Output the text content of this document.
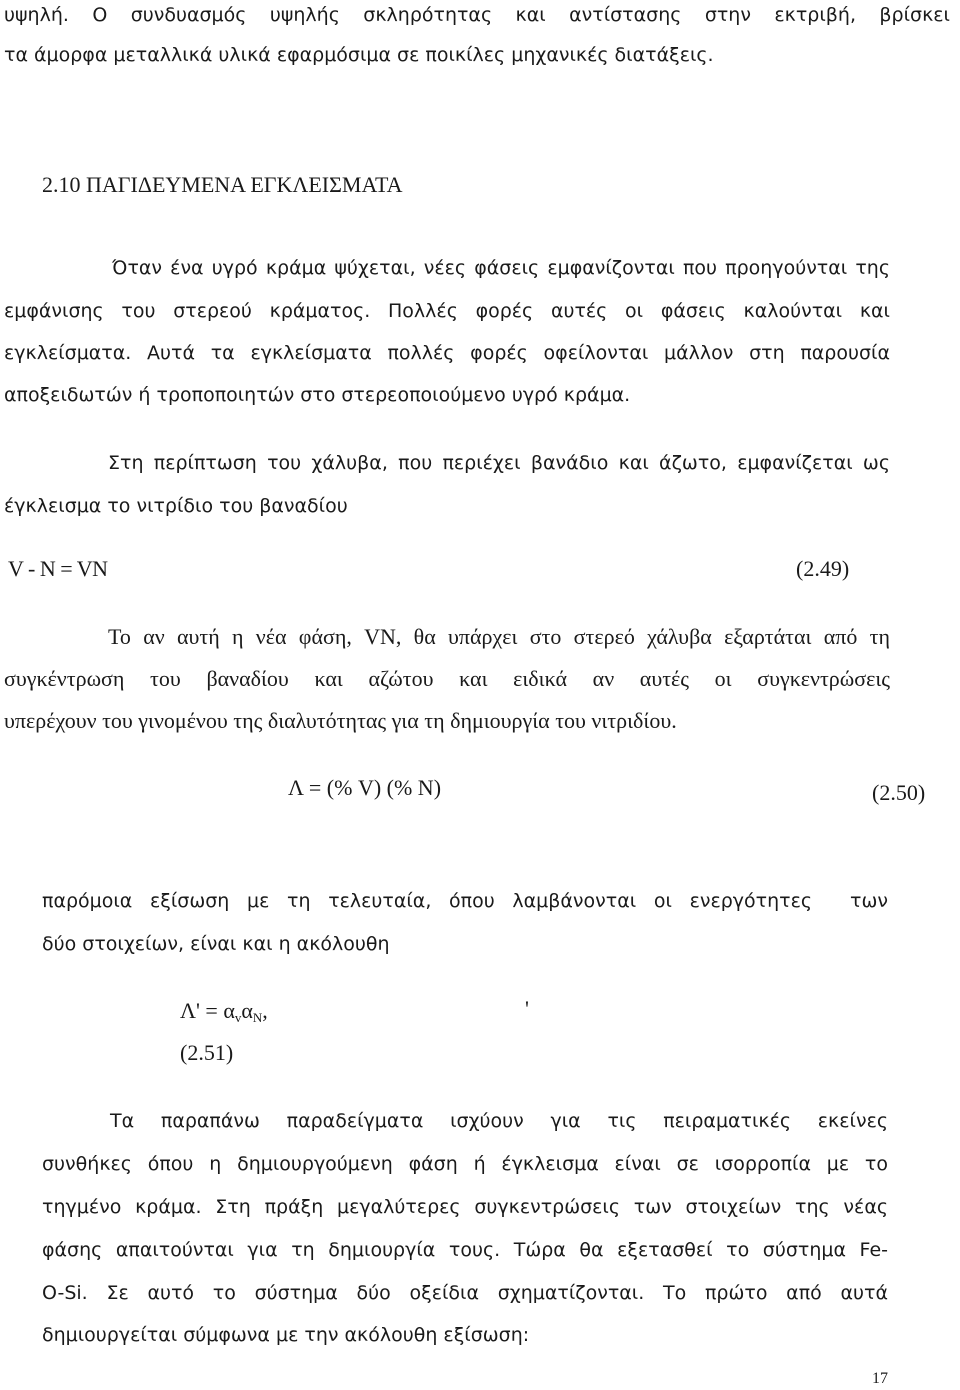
υψηλή. Ο συνδυασμός υψηλής σκληρότητας και αντίστασης στην εκτριβή, βρίσκει
τα άμορφα μεταλλικά υλικά εφαρμόσιμα σε ποικίλες μηχανικές διατάξεις.
2.10 ΠΑΓΙΔΕΥΜΕΝΑ ΕΓΚΛΕΙΣΜΑΤΑ
Όταν ένα υγρό κράμα ψύχεται, νέες φάσεις εμφανίζονται που προηγούνται της
εμφάνισης του στερεού κράματος. Πολλές φορές αυτές οι φάσεις καλούνται και
εγκλείσματα. Αυτά τα εγκλείσματα πολλές φορές οφείλονται μάλλον στη παρουσία
αποξειδωτών ή τροποποιητών στο στερεοποιούμενο υγρό κράμα.
Στη περίπτωση του χάλυβα, που περιέχει βανάδιο και άζωτο, εμφανίζεται ως
έγκλεισμα το νιτρίδιο του βαναδίου
V - N = VN	(2.49)
Το αν αυτή η νέα φάση, VN, θα υπάρχει στο στερεό χάλυβα εξαρτάται από τη
συγκέντρωση του βαναδίου και αζώτου και ειδικά αν αυτές οι συγκεντρώσεις
υπερέχουν του γινομένου της διαλυτότητας για τη δημιουργία του νιτριδίου.
Λ = (% V) (% N)	(2.50)
παρόμοια εξίσωση με τη τελευταία, όπου λαμβάνονται οι ενεργότητες των
δύο στοιχείων, είναι και η ακόλουθη
$\Lambda' = \alpha_v\alpha_N$,	'
(2.51)
Τα παραπάνω παραδείγματα ισχύουν για τις πειραματικές εκείνες
συνθήκες όπου η δημιουργούμενη φάση ή έγκλεισμα είναι σε ισορροπία με το
τηγμένο κράμα. Στη πράξη μεγαλύτερες συγκεντρώσεις των στοιχείων της νέας
φάσης απαιτούνται για τη δημιουργία τους. Τώρα θα εξετασθεί το σύστημα Fe-
O-Si. Σε αυτό το σύστημα δύο οξείδια σχηματίζονται. Το πρώτο από αυτά
δημιουργείται σύμφωνα με την ακόλουθη εξίσωση:
17
